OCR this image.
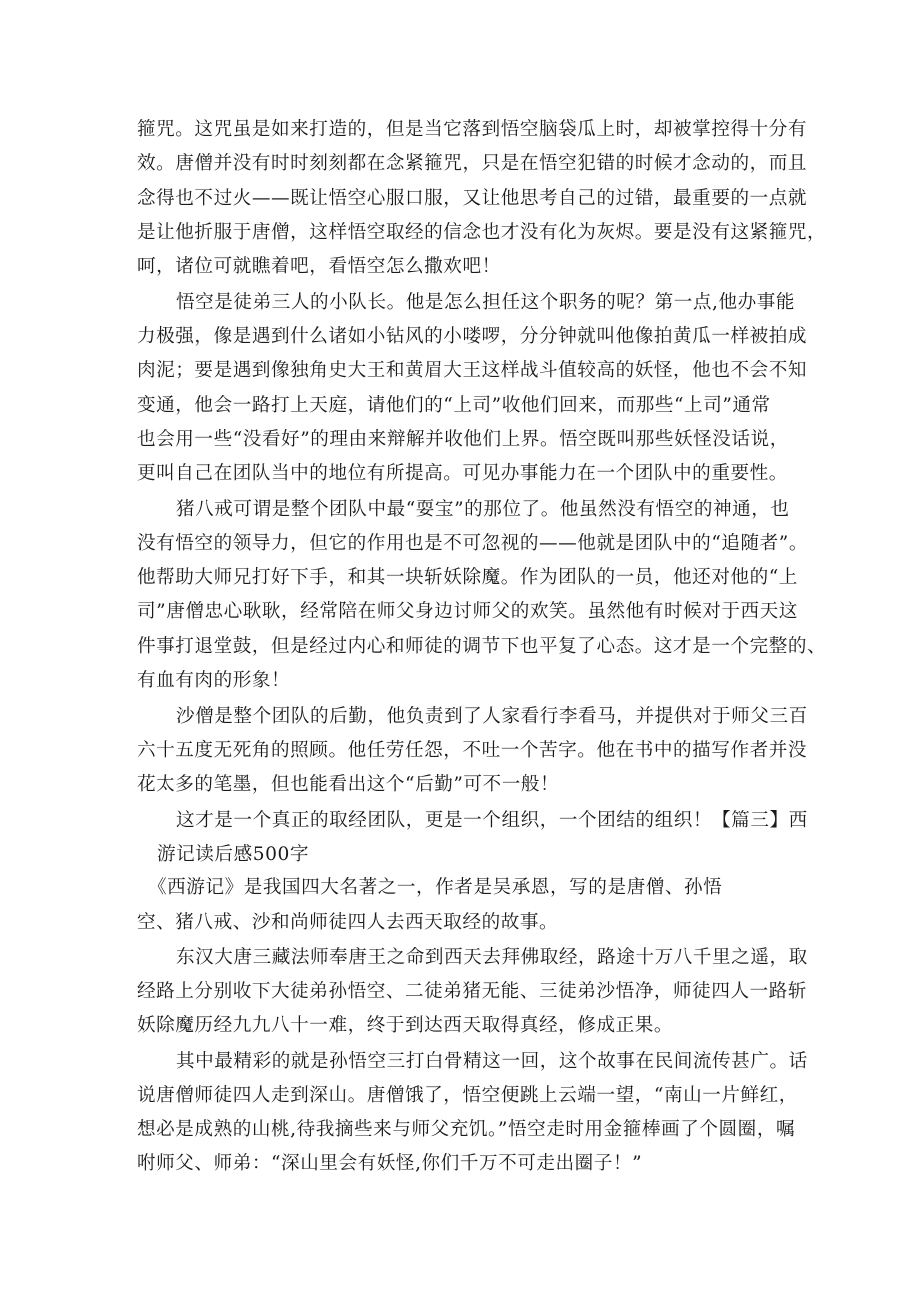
箍咒。这咒虽是如来打造的，但是当它落到悟空脑袋瓜上时，却被掌控得十分有

效。唐僧并没有时时刻刻都在念紧箍咒，只是在悟空犯错的时候才念动的，而且

念得也不过火——既让悟空心服口服，又让他思考自己的过错，最重要的一点就

是让他折服于唐僧，这样悟空取经的信念也才没有化为灰烬。要是没有这紧箍咒，

呵，诸位可就瞧着吧，看悟空怎么撒欢吧！

悟空是徒弟三人的小队长。他是怎么担任这个职务的呢？第一点,他办事能

力极强，像是遇到什么诸如小钻风的小喽啰，分分钟就叫他像拍黄瓜一样被拍成

肉泥；要是遇到像独角史大王和黄眉大王这样战斗值较高的妖怪，他也不会不知

变通，他会一路打上天庭，请他们的“上司”收他们回来，而那些“上司”通常

也会用一些“没看好”的理由来辩解并收他们上界。悟空既叫那些妖怪没话说，

更叫自己在团队当中的地位有所提高。可见办事能力在一个团队中的重要性。

猪八戒可谓是整个团队中最“耍宝”的那位了。他虽然没有悟空的神通，也

没有悟空的领导力，但它的作用也是不可忽视的——他就是团队中的“追随者”。

他帮助大师兄打好下手，和其一块斩妖除魔。作为团队的一员，他还对他的“上

司”唐僧忠心耿耿，经常陪在师父身边讨师父的欢笑。虽然他有时候对于西天这

件事打退堂鼓，但是经过内心和师徒的调节下也平复了心态。这才是一个完整的、

有血有肉的形象！

沙僧是整个团队的后勤，他负责到了人家看行李看马，并提供对于师父三百

六十五度无死角的照顾。他任劳任怨，不吐一个苦字。他在书中的描写作者并没

花太多的笔墨，但也能看出这个“后勤”可不一般！

这才是一个真正的取经团队，更是一个组织，一个团结的组织！【篇三】西

游记读后感500字

《西游记》是我国四大名著之一，作者是吴承恩，写的是唐僧、孙悟

空、猪八戒、沙和尚师徒四人去西天取经的故事。

东汉大唐三藏法师奉唐王之命到西天去拜佛取经，路途十万八千里之遥，取

经路上分别收下大徒弟孙悟空、二徒弟猪无能、三徒弟沙悟净，师徒四人一路斩

妖除魔历经九九八十一难，终于到达西天取得真经，修成正果。

其中最精彩的就是孙悟空三打白骨精这一回，这个故事在民间流传甚广。话

说唐僧师徒四人走到深山。唐僧饿了，悟空便跳上云端一望，“南山一片鲜红，

想必是成熟的山桃,待我摘些来与师父充饥。”悟空走时用金箍棒画了个圆圈，嘱

咐师父、师弟：“深山里会有妖怪,你们千万不可走出圈子！”
